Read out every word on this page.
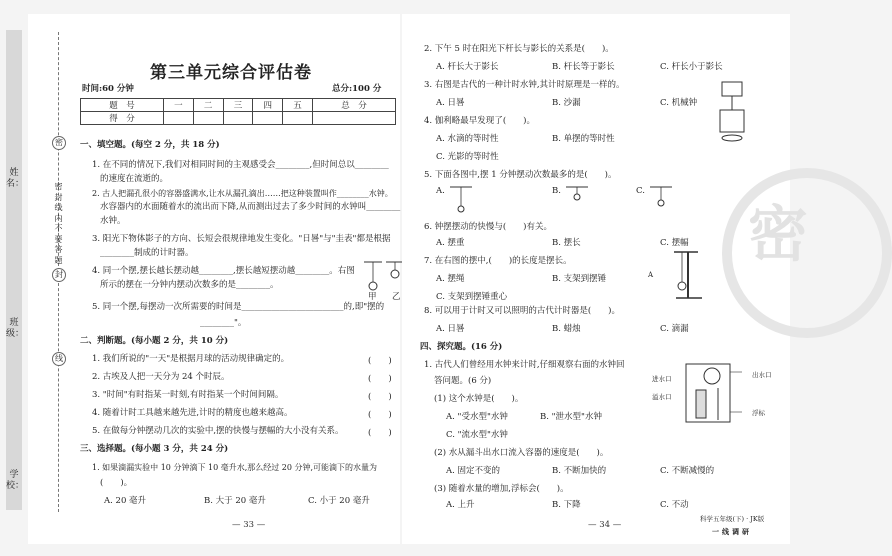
姓名：
班级：
学校：
密
密封线内不要答题
封
线
第三单元综合评估卷
时间:60 分钟	总分:100 分
题　号	一	二	三	四	五	总　分
得　分						
一、填空题。(每空 2 分，共 18 分)
1. 在不同的情况下,我们对相同时间的主观感受会________,但时间总以________
的速度在流逝的。
2. 古人把漏孔很小的容器盛满水,让水从漏孔滴出……把这种装置叫作________水钟。
水容器内的水面随着水的流出而下降,从而测出过去了多少时间的水钟叫________
水钟。
3. 阳光下物体影子的方向、长短会很规律地发生变化。"日晷"与"圭表"都是根据
________制成的计时器。
4. 同一个摆,摆长越长摆动越________,摆长越短摆动越________。右图
所示的摆在一分钟内摆动次数多的是________。
甲 乙
5. 同一个摆,每摆动一次所需要的时间是________________________的,即"摆的
________"。
二、判断题。(每小题 2 分，共 10 分)
1. 我们所说的"一天"是根据月球的活动规律确定的。	(　　)
2. 古埃及人把一天分为 24 个时辰。	(　　)
3. "时间"有时指某一时刻,有时指某一个时间间隔。	(　　)
4. 随着计时工具越来越先进,计时的精度也越来越高。	(　　)
5. 在做每分钟摆动几次的实验中,摆的快慢与摆幅的大小没有关系。	(　　)
三、选择题。(每小题 3 分，共 24 分)
1. 如果滴漏实验中 10 分钟滴下 10 毫升水,那么经过 20 分钟,可能滴下的水量为
(　　)。
A. 20 毫升	B. 大于 20 毫升	C. 小于 20 毫升
— 33 —
密
2. 下午 5 时在阳光下杆长与影长的关系是(　　)。
A. 杆长大于影长	B. 杆长等于影长	C. 杆长小于影长
3. 右图是古代的一种计时水钟,其计时原理是一样的。
A. 日晷	B. 沙漏	C. 机械钟
4. 伽利略最早发现了(　　)。
A. 水滴的等时性	B. 单摆的等时性
C. 光影的等时性
5. 下面各图中,摆 1 分钟摆动次数最多的是(　　)。
A.	B.	C.
6. 钟摆摆动的快慢与(　　)有关。
A. 摆重	B. 摆长	C. 摆幅
7. 在右图的摆中,(　　)的长度是摆长。
A. 摆绳	B. 支架到摆锤
C. 支架到摆锤重心
A
8. 可以用于计时又可以照明的古代计时器是(　　)。
A. 日晷	B. 蜡烛	C. 滴漏
四、探究题。(16 分)
1. 古代人们曾经用水钟来计时,仔细观察右面的水钟回
答问题。(6 分)
(1) 这个水钟是(　　)。
A. "受水型"水钟	B. "泄水型"水钟
C. "流水型"水钟
(2) 水从漏斗出水口流入容器的速度是(　　)。
A. 固定不变的	B. 不断加快的	C. 不断减慢的
(3) 随着水量的增加,浮标会(　　)。
A. 上升	B. 下降	C. 不动
进水口
溢水口
出水口
浮标
— 34 —
科学五年级(下) · JK版
一线调研
